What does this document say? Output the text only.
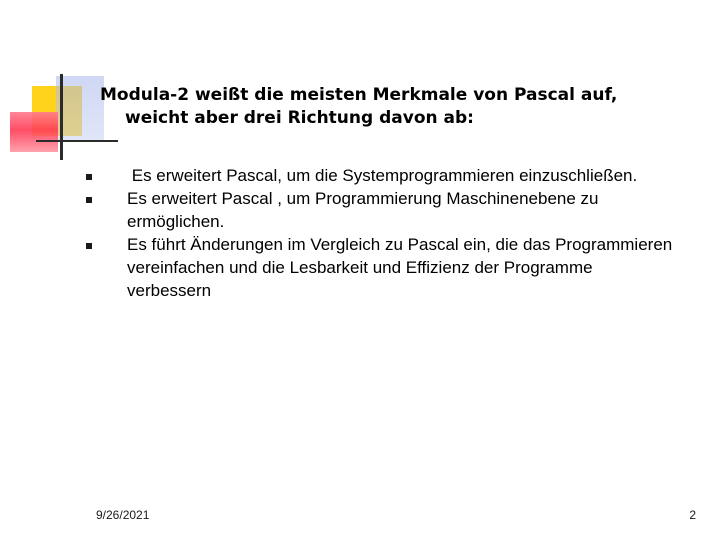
Modula-2 weißt die meisten Merkmale von Pascal auf,
weicht aber drei Richtung davon ab:
Es erweitert Pascal, um die Systemprogrammieren einzuschließen.
Es erweitert Pascal , um Programmierung Maschinenebene zu ermöglichen.
Es führt Änderungen im Vergleich zu Pascal ein, die das Programmieren vereinfachen und die Lesbarkeit und Effizienz der Programme verbessern
9/26/2021	2
